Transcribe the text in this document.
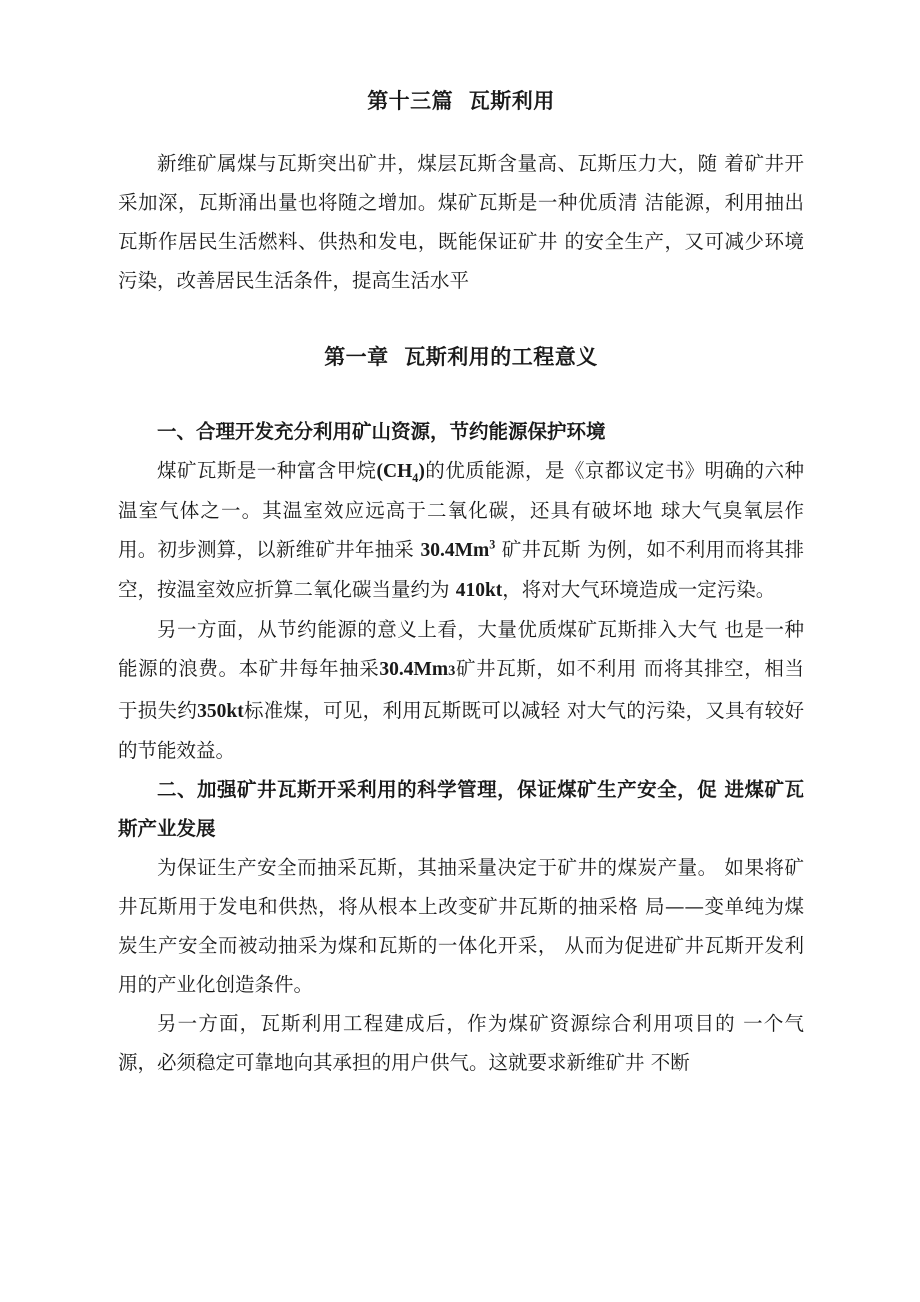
第十三篇  瓦斯利用

新维矿属煤与瓦斯突出矿井，煤层瓦斯含量高、瓦斯压力大，随 着矿井开采加深，瓦斯涌出量也将随之增加。煤矿瓦斯是一种优质清 洁能源，利用抽出瓦斯作居民生活燃料、供热和发电，既能保证矿井 的安全生产，又可减少环境污染，改善居民生活条件，提高生活水平

第一章  瓦斯利用的工程意义
一、合理开发充分利用矿山资源，节约能源保护环境

煤矿瓦斯是一种富含甲烷$(CH_4)$的优质能源，是《京都议定书》明确的六种温室气体之一。其温室效应远高于二氧化碳，还具有破坏地 球大气臭氧层作用。初步测算，以新维矿井年抽采 30.4Mm$^3$ 矿井瓦斯 为例，如不利用而将其排空，按温室效应折算二氧化碳当量约为 410kt，将对大气环境造成一定污染。

另一方面，从节约能源的意义上看，大量优质煤矿瓦斯排入大气 也是一种能源的浪费。本矿井每年抽采30.4Mm3矿井瓦斯，如不利用 而将其排空，相当于损失约350kt标准煤，可见，利用瓦斯既可以减轻 对大气的污染，又具有较好的节能效益。

二、加强矿井瓦斯开采利用的科学管理，保证煤矿生产安全，促 进煤矿瓦斯产业发展

为保证生产安全而抽采瓦斯，其抽采量决定于矿井的煤炭产量。 如果将矿井瓦斯用于发电和供热，将从根本上改变矿井瓦斯的抽采格 局——变单纯为煤炭生产安全而被动抽采为煤和瓦斯的一体化开采， 从而为促进矿井瓦斯开发利用的产业化创造条件。

另一方面，瓦斯利用工程建成后，作为煤矿资源综合利用项目的 一个气源，必须稳定可靠地向其承担的用户供气。这就要求新维矿井 不断
